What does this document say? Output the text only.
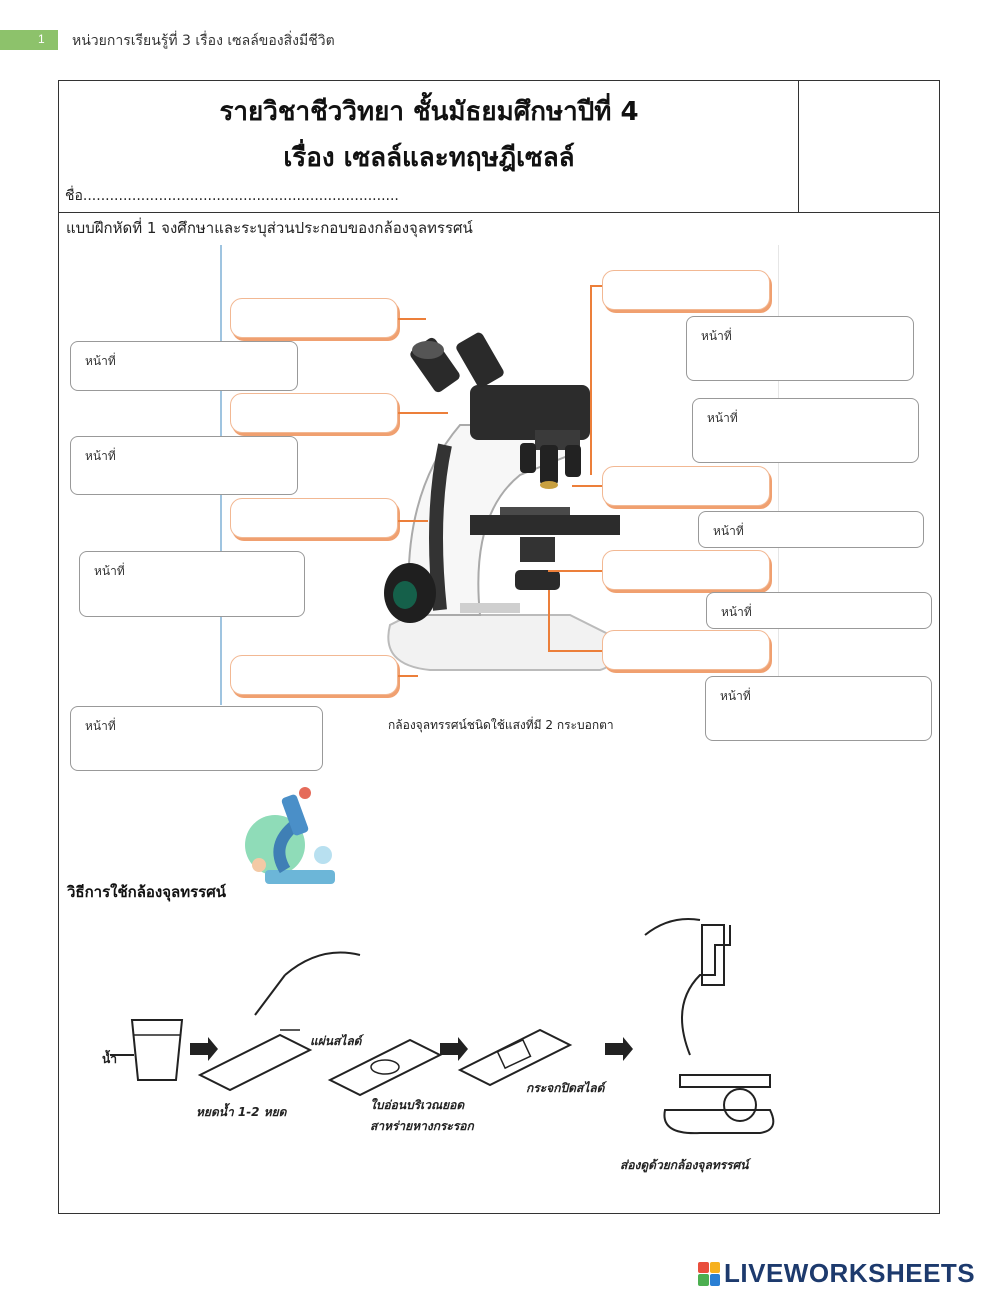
1 หน่วยการเรียนรู้ที่ 3 เรื่อง เซลล์ของสิ่งมีชีวิต
รายวิชาชีววิทยา ชั้นมัธยมศึกษาปีที่ 4
เรื่อง เซลล์และทฤษฎีเซลล์
ชื่อ.......................................................................
แบบฝึกหัดที่ 1 จงศึกษาและระบุส่วนประกอบของกล้องจุลทรรศน์
หน้าที่
หน้าที่
หน้าที่
หน้าที่
หน้าที่
หน้าที่
หน้าที่
หน้าที่
หน้าที่
กล้องจุลทรรศน์ชนิดใช้แสงที่มี 2 กระบอกตา
วิธีการใช้กล้องจุลทรรศน์
น้ำ
หยดน้ำ 1-2 หยด
แผ่นสไลด์
ใบอ่อนบริเวณยอด
สาหร่ายหางกระรอก
กระจกปิดสไลด์
ส่องดูด้วยกล้องจุลทรรศน์
LIVEWORKSHEETS
